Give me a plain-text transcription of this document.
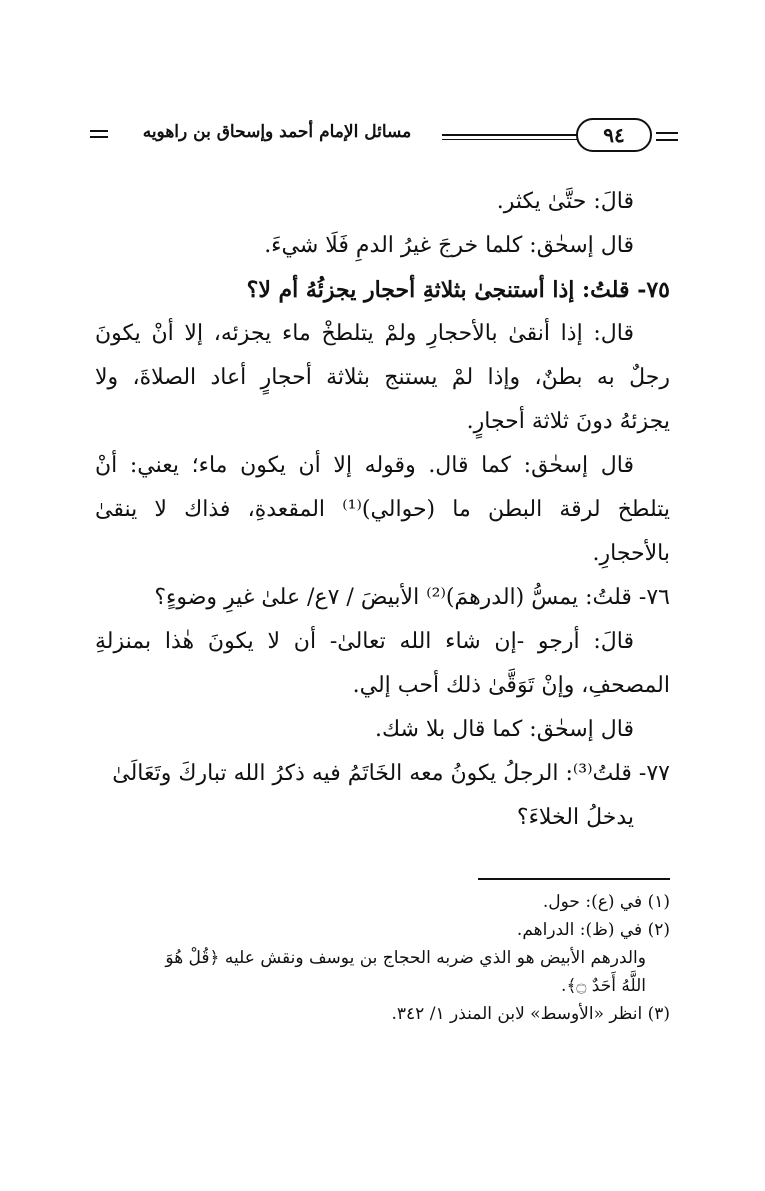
مسائل الإمام أحمد وإسحاق بن راهويه	٩٤
قالَ: حتَّىٰ يكثر.
قال إسحٰق: كلما خرجَ غيرُ الدمِ فَلَا شيءَ.
٧٥- قلتُ: إذا أستنجىٰ بثلاثةِ أحجار يجزئُهُ أم لا؟
قال: إذا أنقىٰ بالأحجارِ ولمْ يتلطخْ ماء يجزئه، إلا أنْ يكونَ
رجلٌ به بطنٌ، وإذا لمْ يستنج بثلاثة أحجارٍ أعاد الصلاةَ، ولا
يجزئهُ دونَ ثلاثة أحجارٍ.
قال إسحٰق: كما قال. وقوله إلا أن يكون ماء؛ يعني: أنْ
يتلطخ لرقة البطن ما (حوالي)⁽¹⁾ المقعدةِ، فذاك لا ينقىٰ
بالأحجارِ.
٧٦- قلتُ: يمسُّ (الدرهمَ)⁽²⁾ الأبيضَ / ٧ع/ علىٰ غيرِ وضوءٍ؟
قالَ: أرجو -إن شاء الله تعالىٰ- أن لا يكونَ هٰذا بمنزلةِ
المصحفِ، وإنْ تَوَقَّىٰ ذلك أحب إلي.
قال إسحٰق: كما قال بلا شك.
٧٧- قلتُ⁽³⁾: الرجلُ يكونُ معه الخَاتَمُ فيه ذكرُ الله تباركَ وتَعَالَىٰ
يدخلُ الخلاءَ؟
(١) في (ع): حول.
(٢) في (ظ): الدراهم.
والدرهم الأبيض هو الذي ضربه الحجاج بن يوسف ونقش عليه ﴿قُلْ هُوَ
اللَّهُ أَحَدٌ ۝﴾.
(٣) انظر «الأوسط» لابن المنذر ١/ ٣٤٢.
